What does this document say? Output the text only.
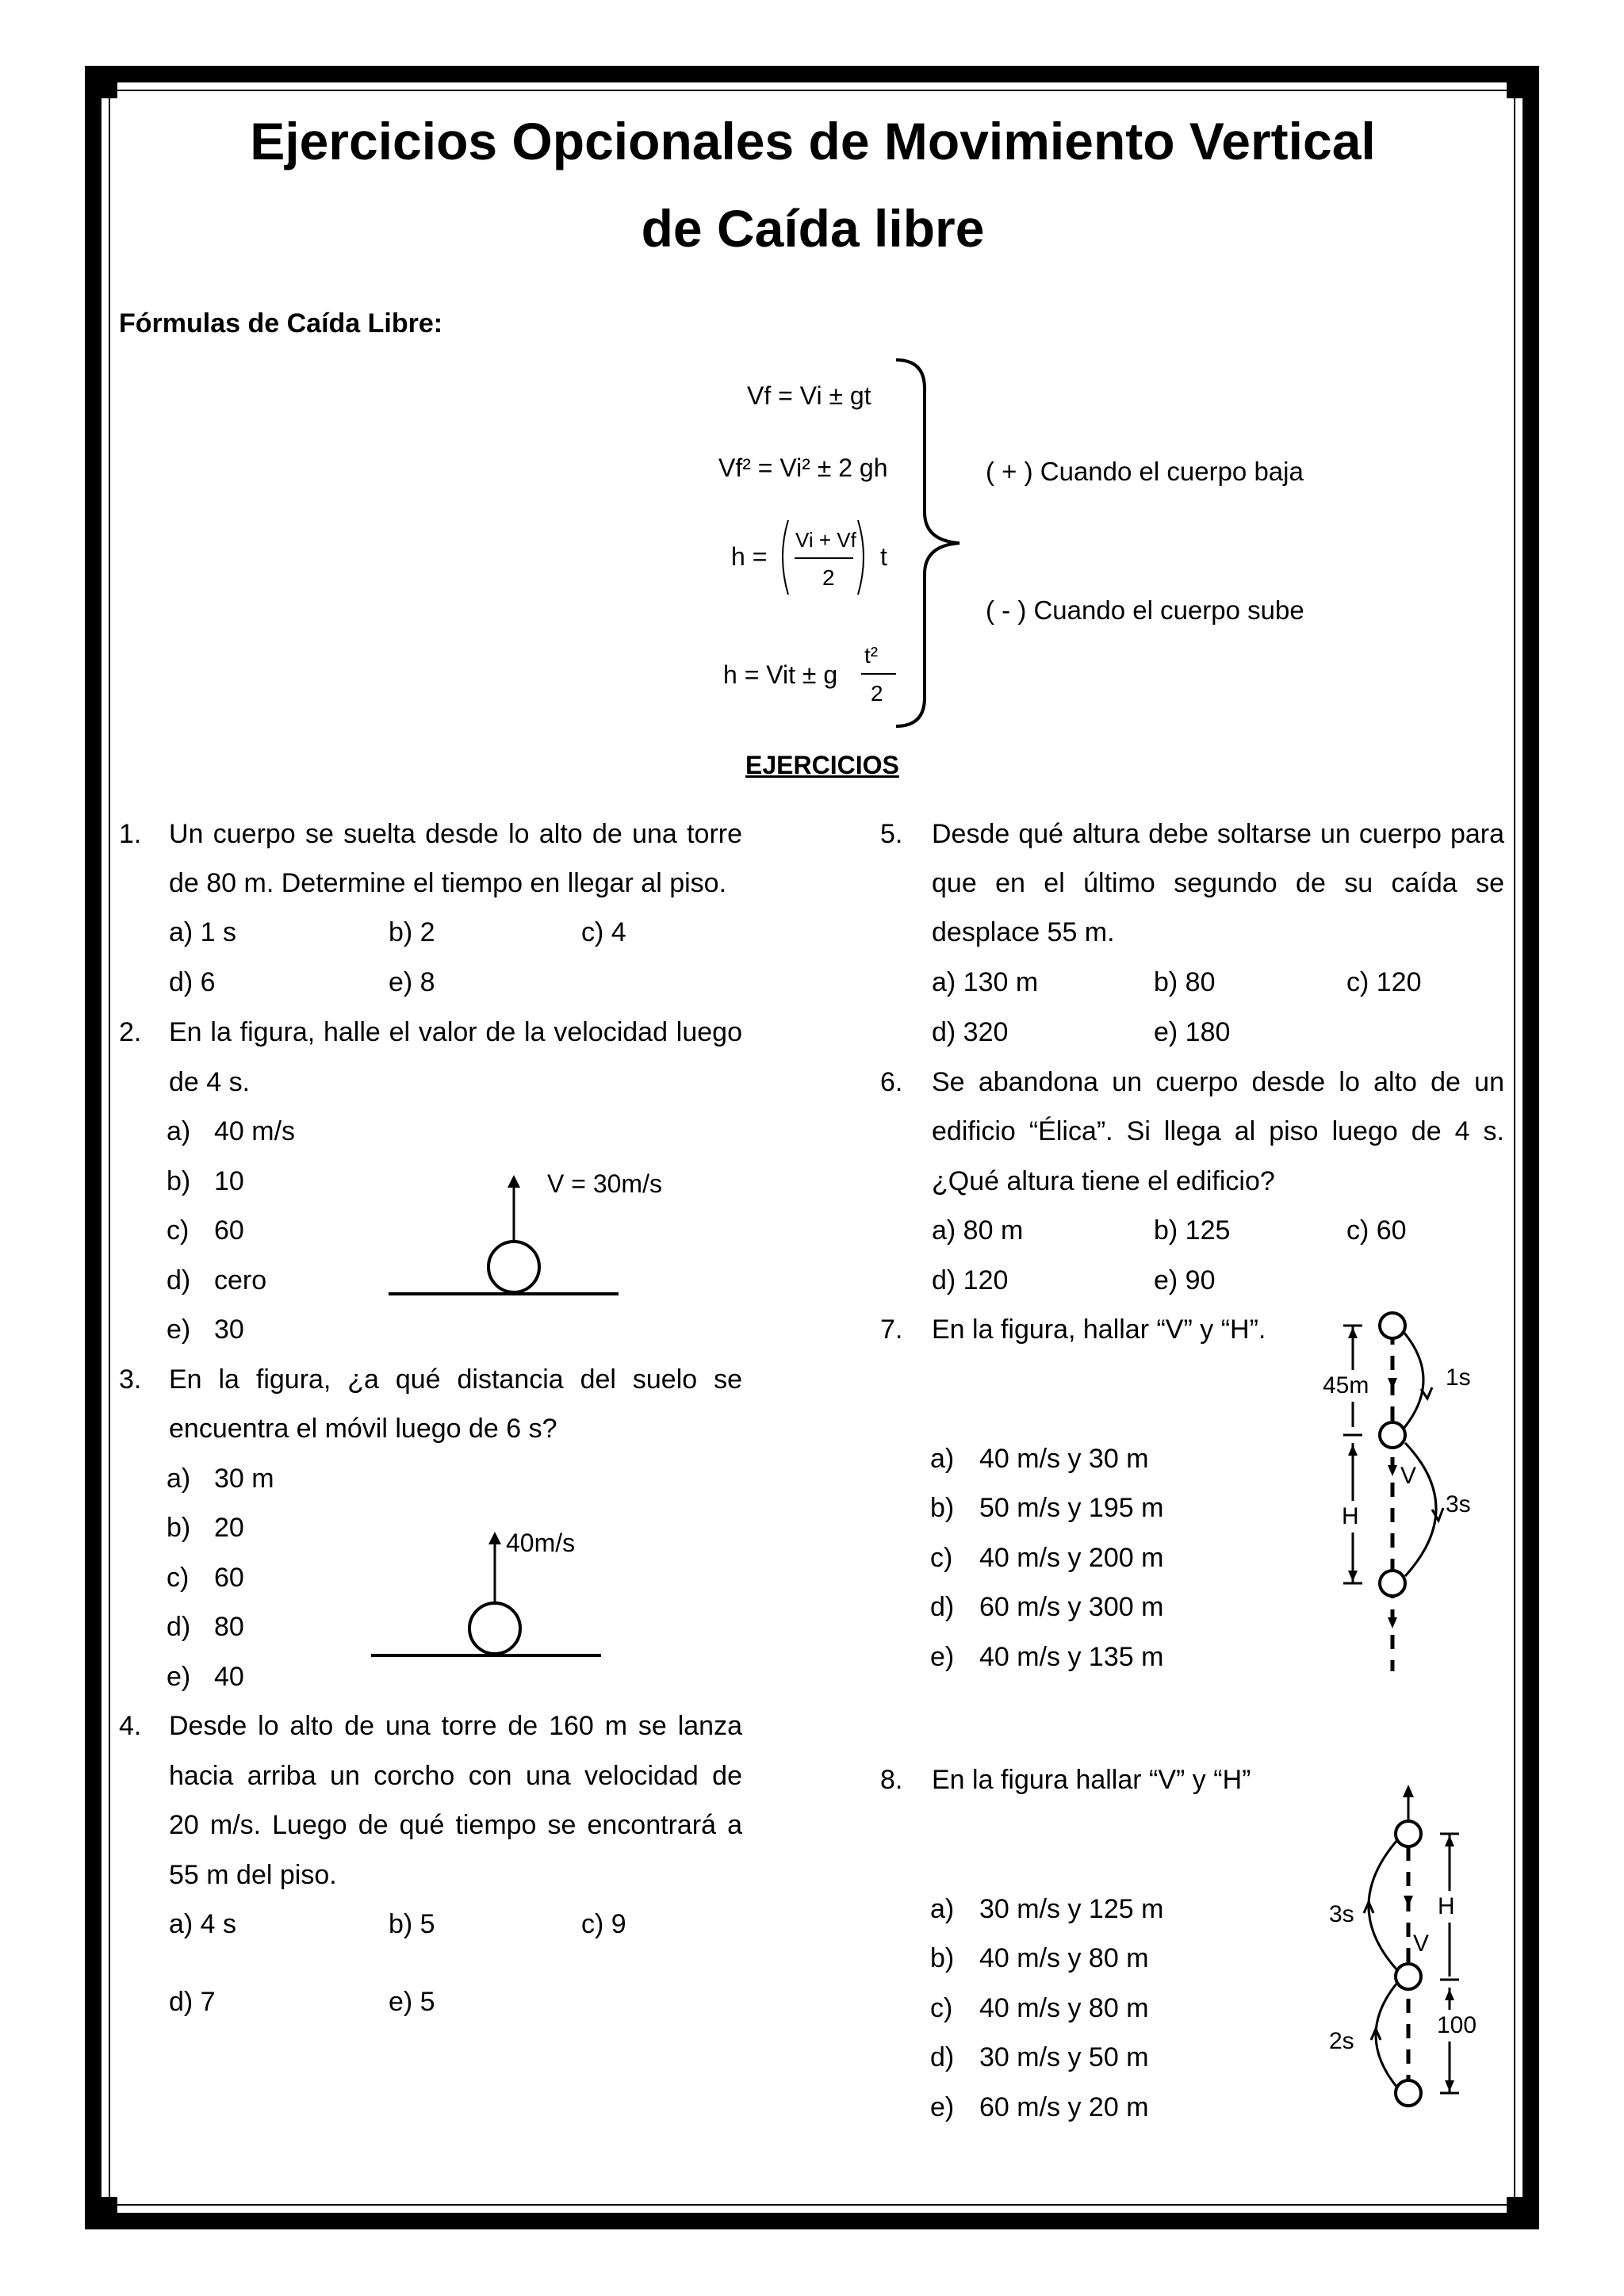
Ejercicios Opcionales de Movimiento Vertical
de Caída libre
Fórmulas de Caída Libre:
Vf = Vi ± gt
Vf² = Vi² ± 2 gh
h =
Vi + Vf
2
t
h = Vit ± g
t²
2
( + ) Cuando el cuerpo baja
( - ) Cuando el cuerpo sube
EJERCICIOS
1. Un cuerpo se suelta desde lo alto de una torre
de 80 m. Determine el tiempo en llegar al piso.
a) 1 s	b) 2	c) 4
d) 6	e) 8
2. En la figura, halle el valor de la velocidad luego
de 4 s.
a) 40 m/s
b) 10
c) 60
d) cero
e) 30
V = 30m/s
3. En la figura, ¿a qué distancia del suelo se
encuentra el móvil luego de 6 s?
a) 30 m
b) 20
c) 60
d) 80
e) 40
40m/s
4. Desde lo alto de una torre de 160 m se lanza
hacia arriba un corcho con una velocidad de
20 m/s. Luego de qué tiempo se encontrará a
55 m del piso.
a) 4 s	b) 5	c) 9
d) 7	e) 5
5. Desde qué altura debe soltarse un cuerpo para
que en el último segundo de su caída se
desplace 55 m.
a) 130 m	b) 80	c) 120
d) 320	e) 180
6. Se abandona un cuerpo desde lo alto de un
edificio “Élica”. Si llega al piso luego de 4 s.
¿Qué altura tiene el edificio?
a) 80 m	b) 125	c) 60
d) 120	e) 90
7. En la figura, hallar “V” y “H”.
a) 40 m/s y 30 m
b) 50 m/s y 195 m
c) 40 m/s y 200 m
d) 60 m/s y 300 m
e) 40 m/s y 135 m
45m
H
1s
3s
V
8. En la figura hallar “V” y “H”
a) 30 m/s y 125 m
b) 40 m/s y 80 m
c) 40 m/s y 80 m
d) 30 m/s y 50 m
e) 60 m/s y 20 m
3s
2s
H
V
100
